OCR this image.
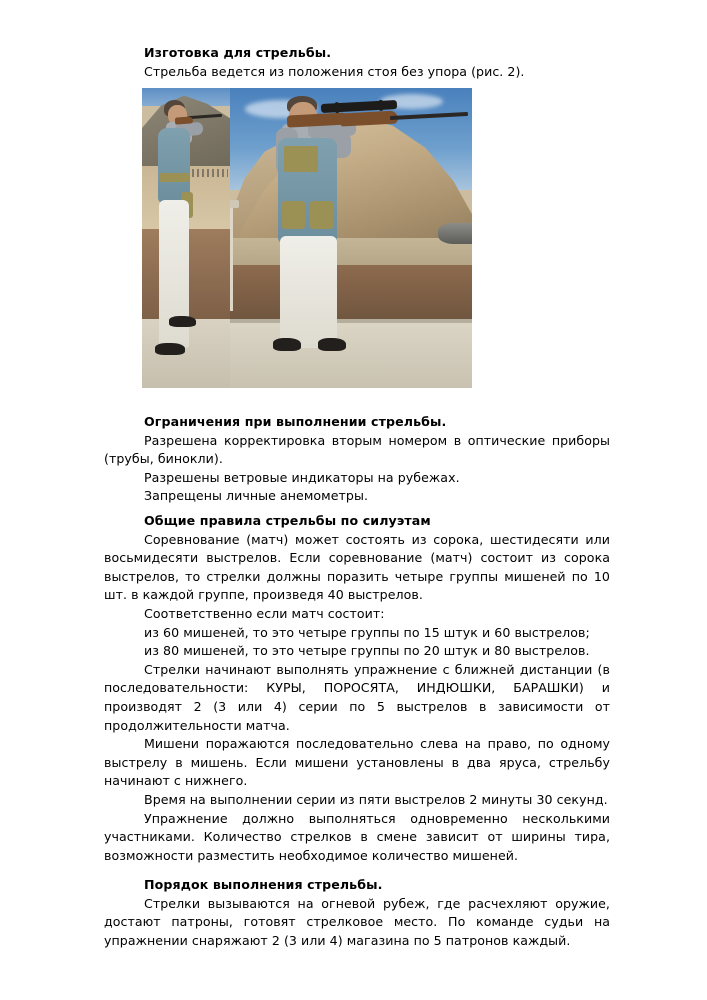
Изготовка для стрельбы.

Стрельба ведется из положения стоя без упора (рис. 2).

Ограничения при выполнении стрельбы.

Разрешена корректировка вторым номером в оптические приборы (трубы, бинокли).

Разрешены ветровые индикаторы на рубежах.

Запрещены личные анемометры.

Общие правила стрельбы по силуэтам

Соревнование (матч) может состоять из сорока, шестидесяти или восьмидесяти выстрелов. Если соревнование (матч) состоит из сорока выстрелов, то стрелки должны поразить четыре группы мишеней по 10 шт. в каждой группе, произведя 40 выстрелов.

Соответственно если матч состоит:

из 60 мишеней, то это четыре группы по 15 штук и 60 выстрелов;

из 80 мишеней, то это четыре группы по 20 штук и 80 выстрелов.

Стрелки начинают выполнять упражнение с ближней дистанции (в последовательности: КУРЫ, ПОРОСЯТА, ИНДЮШКИ, БАРАШКИ) и производят 2 (3 или 4) серии по 5 выстрелов в зависимости от продолжительности матча.

Мишени поражаются последовательно слева на право, по одному выстрелу в мишень. Если мишени установлены в два яруса, стрельбу начинают с нижнего.

Время на выполнении серии из пяти выстрелов 2 минуты 30 секунд.

Упражнение должно выполняться одновременно несколькими участниками. Количество стрелков в смене зависит от ширины тира, возможности разместить необходимое количество мишеней.

Порядок выполнения стрельбы.

Стрелки вызываются на огневой рубеж, где расчехляют оружие, достают патроны, готовят стрелковое место. По команде судьи на упражнении снаряжают 2 (3 или 4) магазина по 5 патронов каждый.
